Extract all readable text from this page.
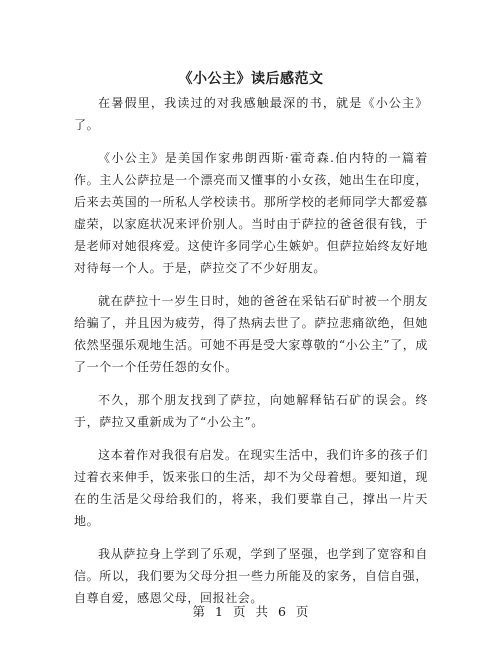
《小公主》读后感范文

在暑假里，我读过的对我感触最深的书，就是《小公主》了。

《小公主》是美国作家弗朗西斯·霍奇森.伯内特的一篇着作。主人公萨拉是一个漂亮而又懂事的小女孩，她出生在印度，后来去英国的一所私人学校读书。那所学校的老师同学大都爱慕虚荣，以家庭状况来评价别人。当时由于萨拉的爸爸很有钱，于是老师对她很疼爱。这使许多同学心生嫉妒。但萨拉始终友好地对待每一个人。于是，萨拉交了不少好朋友。

就在萨拉十一岁生日时，她的爸爸在采钻石矿时被一个朋友给骗了，并且因为疲劳，得了热病去世了。萨拉悲痛欲绝，但她依然坚强乐观地生活。可她不再是受大家尊敬的“小公主”了，成了一个一个任劳任怨的女仆。

不久，那个朋友找到了萨拉，向她解释钻石矿的误会。终于，萨拉又重新成为了“小公主”。

这本着作对我很有启发。在现实生活中，我们许多的孩子们过着衣来伸手，饭来张口的生活，却不为父母着想。要知道，现在的生活是父母给我们的，将来，我们要靠自己，撑出一片天地。

我从萨拉身上学到了乐观，学到了坚强，也学到了宽容和自信。所以，我们要为父母分担一些力所能及的家务，自信自强，自尊自爱，感恩父母，回报社会。

第 1 页 共 6 页
